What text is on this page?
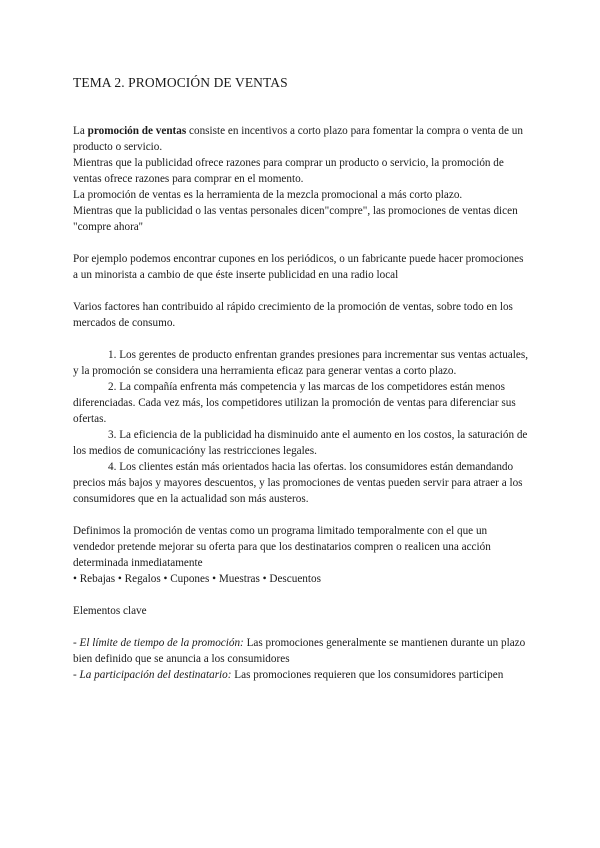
TEMA 2. PROMOCIÓN DE VENTAS

La promoción de ventas consiste en incentivos a corto plazo para fomentar la compra o venta de un producto o servicio.

Mientras que la publicidad ofrece razones para comprar un producto o servicio, la promoción de ventas ofrece razones para comprar en el momento.

La promoción de ventas es la herramienta de la mezcla promocional a más corto plazo.

Mientras que la publicidad o las ventas personales dicen"compre", las promociones de ventas dicen "compre ahora''

Por ejemplo podemos encontrar cupones en los periódicos, o un fabricante puede hacer promociones a un minorista a cambio de que éste inserte publicidad en una radio local

Varios factores han contribuido al rápido crecimiento de la promoción de ventas, sobre todo en los mercados de consumo.

1. Los gerentes de producto enfrentan grandes presiones para incrementar sus ventas actuales, y la promoción se considera una herramienta eficaz para generar ventas a corto plazo.

2. La compañía enfrenta más competencia y las marcas de los competidores están menos diferenciadas. Cada vez más, los competidores utilizan la promoción de ventas para diferenciar sus ofertas.

3. La eficiencia de la publicidad ha disminuido ante el aumento en los costos, la saturación de los medios de comunicacióny las restricciones legales.

4. Los clientes están más orientados hacia las ofertas. los consumidores están demandando precios más bajos y mayores descuentos, y las promociones de ventas pueden servir para atraer a los consumidores que en la actualidad son más austeros.

Definimos la promoción de ventas como un programa limitado temporalmente con el que un vendedor pretende mejorar su oferta para que los destinatarios compren o realicen una acción determinada inmediatamente

• Rebajas • Regalos • Cupones • Muestras • Descuentos

Elementos clave

- El límite de tiempo de la promoción: Las promociones generalmente se mantienen durante un plazo bien definido que se anuncia a los consumidores

- La participación del destinatario: Las promociones requieren que los consumidores participen
